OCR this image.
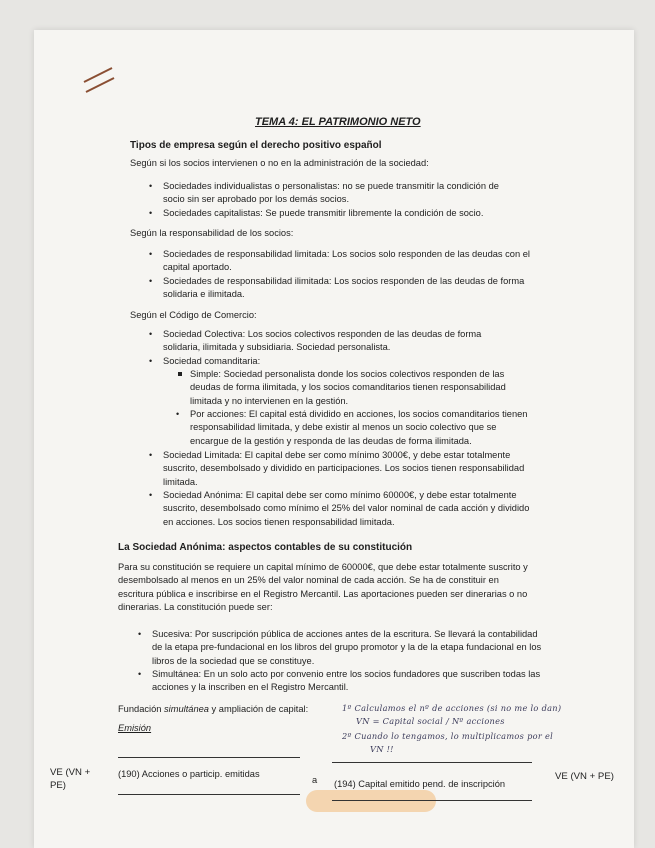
TEMA 4: EL PATRIMONIO NETO
Tipos de empresa según el derecho positivo español
Según si los socios intervienen o no en la administración de la sociedad:
• Sociedades individualistas o personalistas: no se puede transmitir la condición de socio sin ser aprobado por los demás socios.
• Sociedades capitalistas: Se puede transmitir libremente la condición de socio.
Según la responsabilidad de los socios:
• Sociedades de responsabilidad limitada: Los socios solo responden de las deudas con el capital aportado.
• Sociedades de responsabilidad ilimitada: Los socios responden de las deudas de forma solidaria e ilimitada.
Según el Código de Comercio:
• Sociedad Colectiva: Los socios colectivos responden de las deudas de forma solidaria, ilimitada y subsidiaria. Sociedad personalista.
• Sociedad comanditaria:
Simple: Sociedad personalista donde los socios colectivos responden de las deudas de forma ilimitada, y los socios comanditarios tienen responsabilidad limitada y no intervienen en la gestión.
• Por acciones: El capital está dividido en acciones, los socios comanditarios tienen responsabilidad limitada, y debe existir al menos un socio colectivo que se encargue de la gestión y responda de las deudas de forma ilimitada.
• Sociedad Limitada: El capital debe ser como mínimo 3000€, y debe estar totalmente suscrito, desembolsado y dividido en participaciones. Los socios tienen responsabilidad limitada.
• Sociedad Anónima: El capital debe ser como mínimo 60000€, y debe estar totalmente suscrito, desembolsado como mínimo el 25% del valor nominal de cada acción y dividido en acciones. Los socios tienen responsabilidad limitada.
La Sociedad Anónima: aspectos contables de su constitución
Para su constitución se requiere un capital mínimo de 60000€, que debe estar totalmente suscrito y desembolsado al menos en un 25% del valor nominal de cada acción. Se ha de constituir en escritura pública e inscribirse en el Registro Mercantil. Las aportaciones pueden ser dinerarias o no dinerarias. La constitución puede ser:
• Sucesiva: Por suscripción pública de acciones antes de la escritura. Se llevará la contabilidad de la etapa pre-fundacional en los libros del grupo promotor y la de la etapa fundacional en los libros de la sociedad que se constituye.
• Simultánea: En un solo acto por convenio entre los socios fundadores que suscriben todas las acciones y la inscriben en el Registro Mercantil.
Fundación simultánea y ampliación de capital:
Emisión
1º Calculamos el nº de acciones (si no me lo dan)
VN = Capital social / Nº acciones
2º Cuando lo tengamos, lo multiplicamos por el
VN !!
VE (VN + PE)
(190) Acciones o particip. emitidas
a (194) Capital emitido pend. de inscripción
VE (VN + PE)
